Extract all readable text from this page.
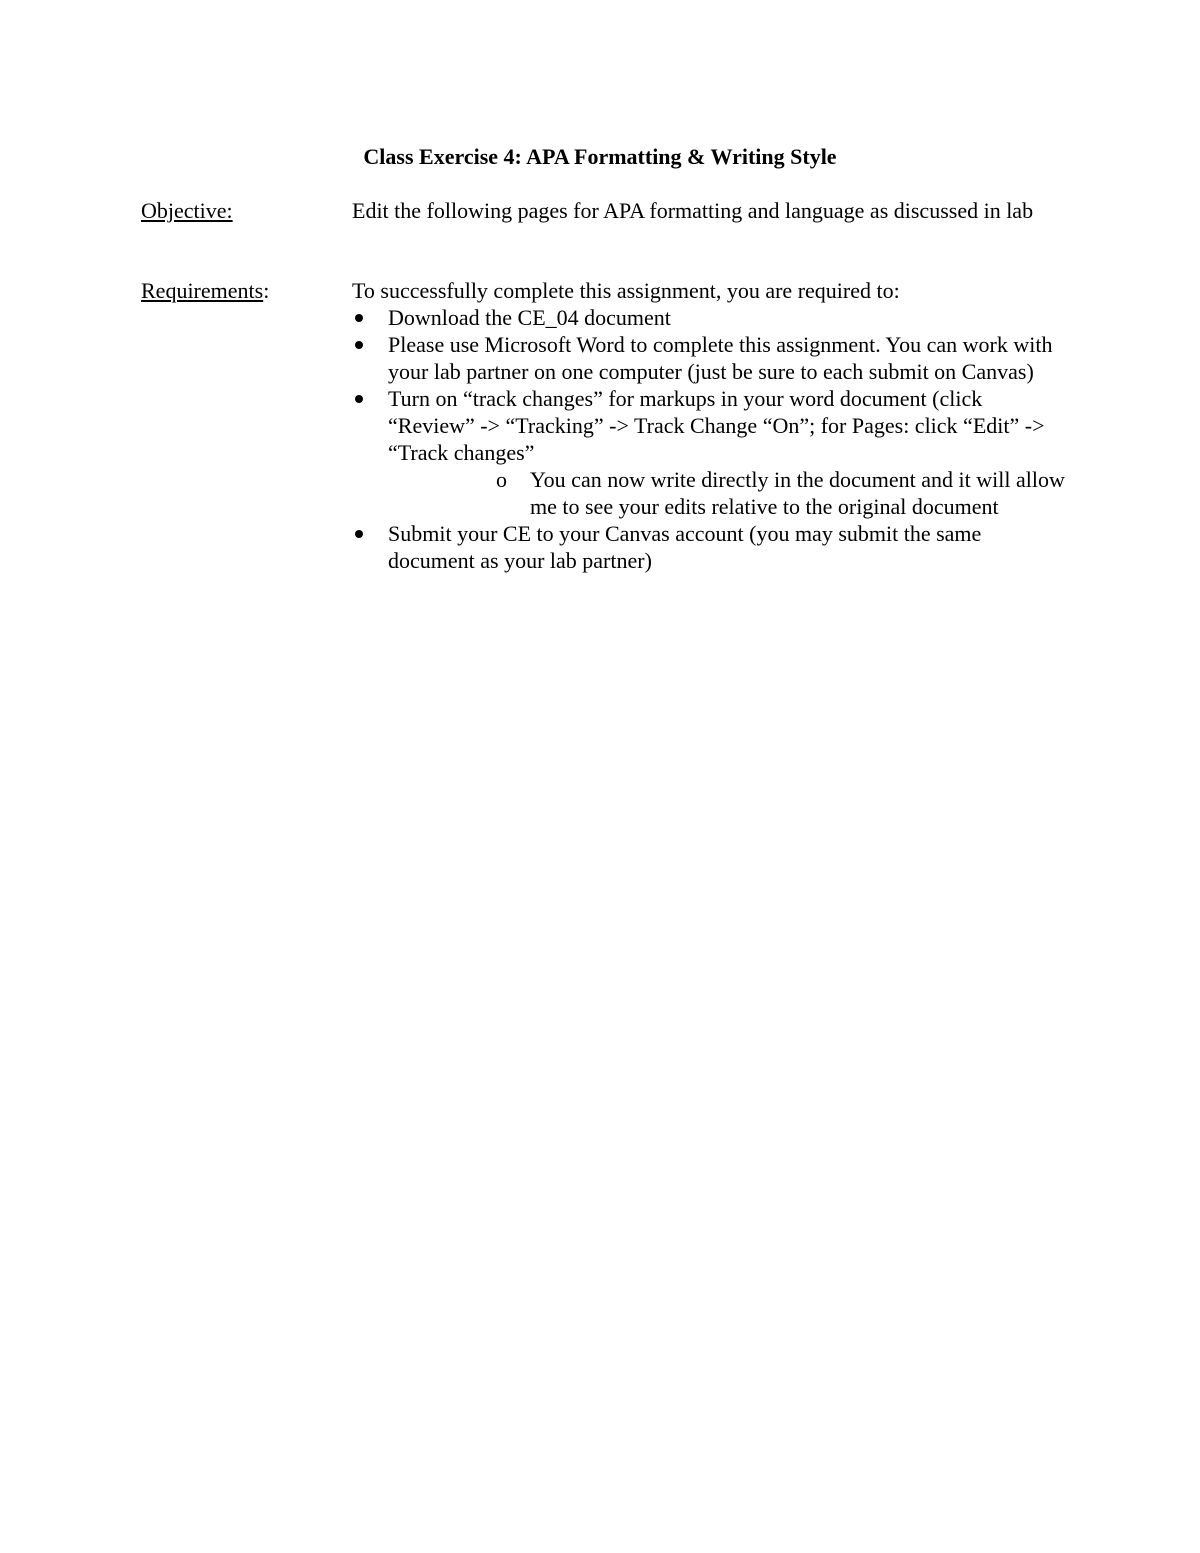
Class Exercise 4: APA Formatting & Writing Style
Objective:	Edit the following pages for APA formatting and language as discussed in lab
Requirements:	To successfully complete this assignment, you are required to:

Download the CE_04 document
Please use Microsoft Word to complete this assignment. You can work with your lab partner on one computer (just be sure to each submit on Canvas)
Turn on “track changes” for markups in your word document (click “Review” -> “Tracking” -> Track Change “On”; for Pages: click “Edit” -> “Track changes”
o You can now write directly in the document and it will allow me to see your edits relative to the original document
Submit your CE to your Canvas account (you may submit the same document as your lab partner)
